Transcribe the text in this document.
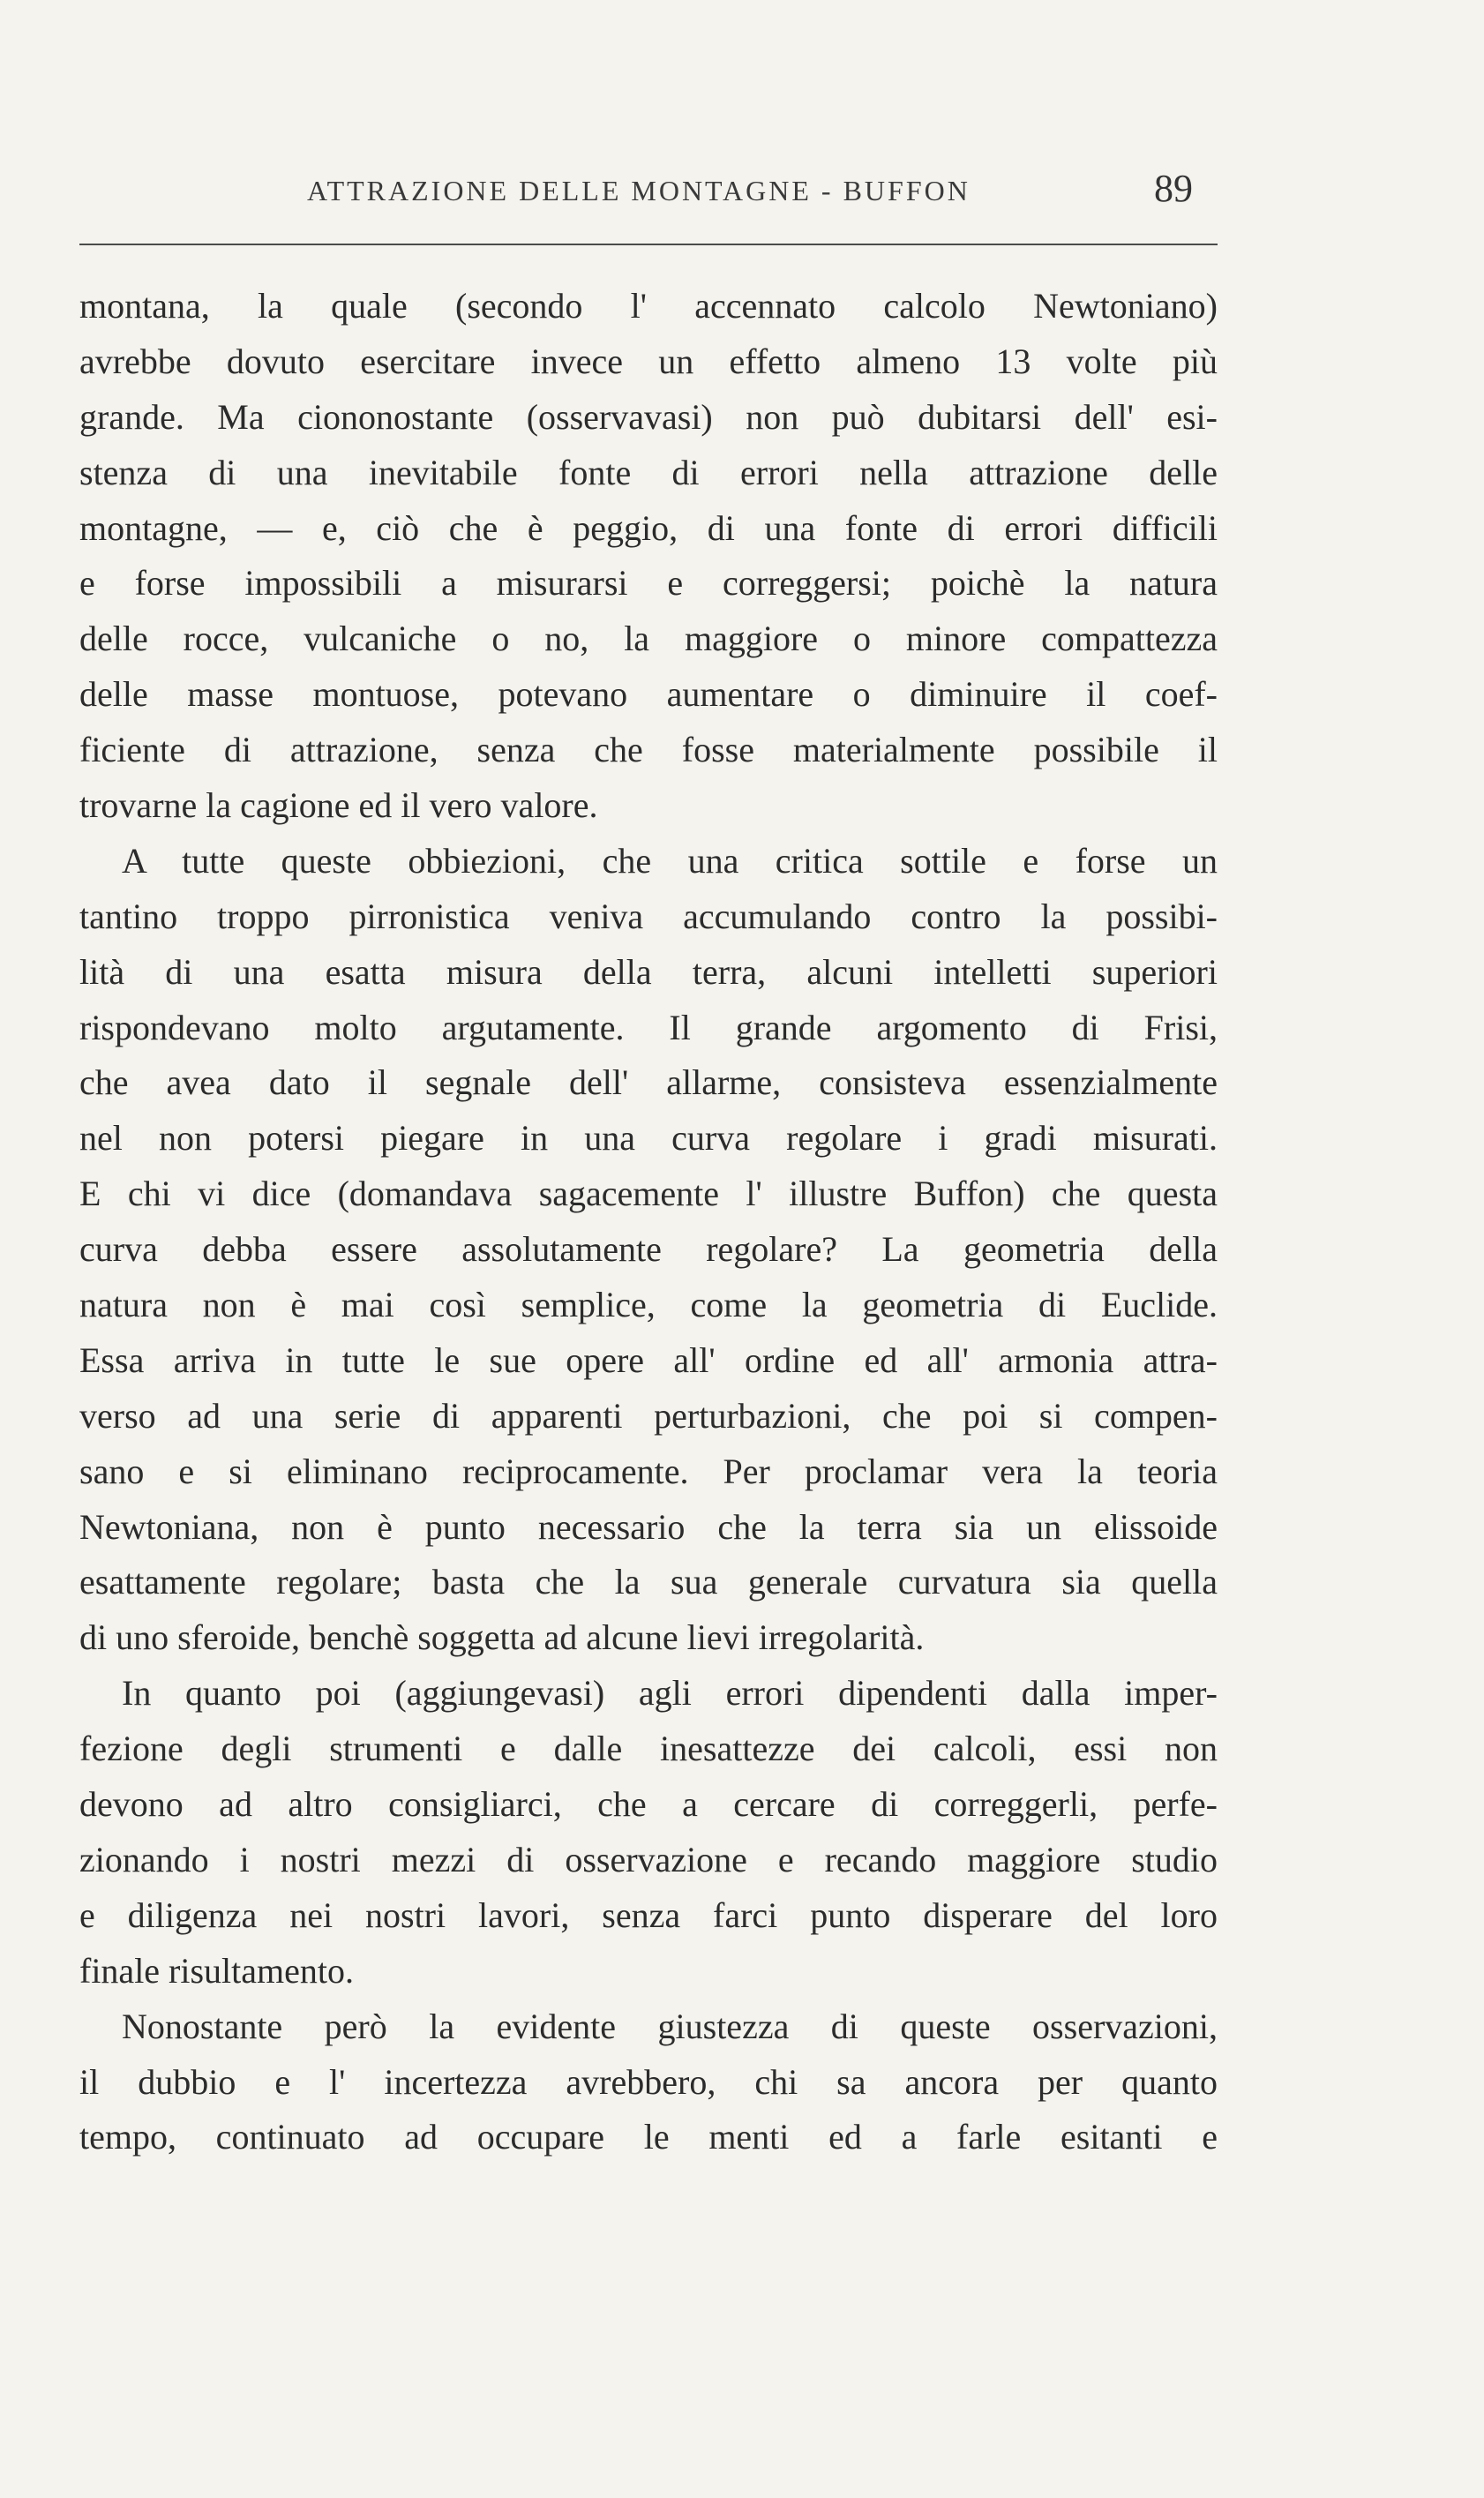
ATTRAZIONE DELLE MONTAGNE - BUFFON	89
montana, la quale (secondo l' accennato calcolo Newtoniano)
avrebbe dovuto esercitare invece un effetto almeno 13 volte più
grande. Ma ciononostante (osservavasi) non può dubitarsi dell' esi-
stenza di una inevitabile fonte di errori nella attrazione delle
montagne, — e, ciò che è peggio, di una fonte di errori difficili
e forse impossibili a misurarsi e correggersi; poichè la natura
delle rocce, vulcaniche o no, la maggiore o minore compattezza
delle masse montuose, potevano aumentare o diminuire il coef-
ficiente di attrazione, senza che fosse materialmente possibile il
trovarne la cagione ed il vero valore.
A tutte queste obbiezioni, che una critica sottile e forse un
tantino troppo pirronistica veniva accumulando contro la possibi-
lità di una esatta misura della terra, alcuni intelletti superiori
rispondevano molto argutamente. Il grande argomento di Frisi,
che avea dato il segnale dell' allarme, consisteva essenzialmente
nel non potersi piegare in una curva regolare i gradi misurati.
E chi vi dice (domandava sagacemente l' illustre Buffon) che questa
curva debba essere assolutamente regolare? La geometria della
natura non è mai così semplice, come la geometria di Euclide.
Essa arriva in tutte le sue opere all' ordine ed all' armonia attra-
verso ad una serie di apparenti perturbazioni, che poi si compen-
sano e si eliminano reciprocamente. Per proclamar vera la teoria
Newtoniana, non è punto necessario che la terra sia un elissoide
esattamente regolare; basta che la sua generale curvatura sia quella
di uno sferoide, benchè soggetta ad alcune lievi irregolarità.
In quanto poi (aggiungevasi) agli errori dipendenti dalla imper-
fezione degli strumenti e dalle inesattezze dei calcoli, essi non
devono ad altro consigliarci, che a cercare di correggerli, perfe-
zionando i nostri mezzi di osservazione e recando maggiore studio
e diligenza nei nostri lavori, senza farci punto disperare del loro
finale risultamento.
Nonostante però la evidente giustezza di queste osservazioni,
il dubbio e l' incertezza avrebbero, chi sa ancora per quanto
tempo, continuato ad occupare le menti ed a farle esitanti e
